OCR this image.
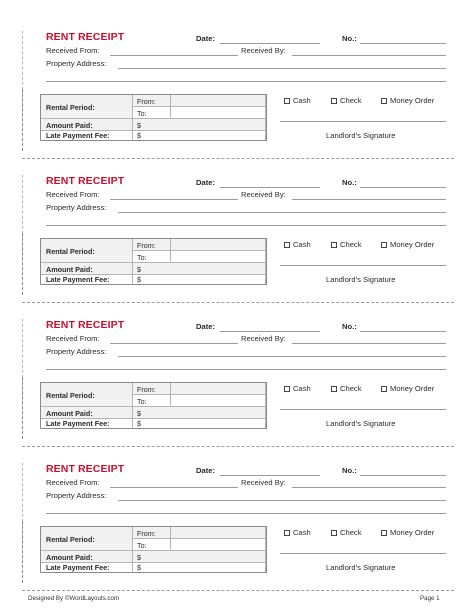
RENT RECEIPT	Date:	No.:
Received From:	Received By:
Property Address:
Rental Period:
From:
To:
Amount Paid:	$
Late Payment Fee:	$
Cash	Check	Money Order
Landlord’s Signature
RENT RECEIPT	Date:	No.:
Received From:	Received By:
Property Address:
Rental Period:
From:
To:
Amount Paid:	$
Late Payment Fee:	$
Cash	Check	Money Order
Landlord’s Signature
RENT RECEIPT	Date:	No.:
Received From:	Received By:
Property Address:
Rental Period:
From:
To:
Amount Paid:	$
Late Payment Fee:	$
Cash	Check	Money Order
Landlord’s Signature
RENT RECEIPT	Date:	No.:
Received From:	Received By:
Property Address:
Rental Period:
From:
To:
Amount Paid:	$
Late Payment Fee:	$
Cash	Check	Money Order
Landlord’s Signature
Designed By ©WordLayouts.com	Page 1
